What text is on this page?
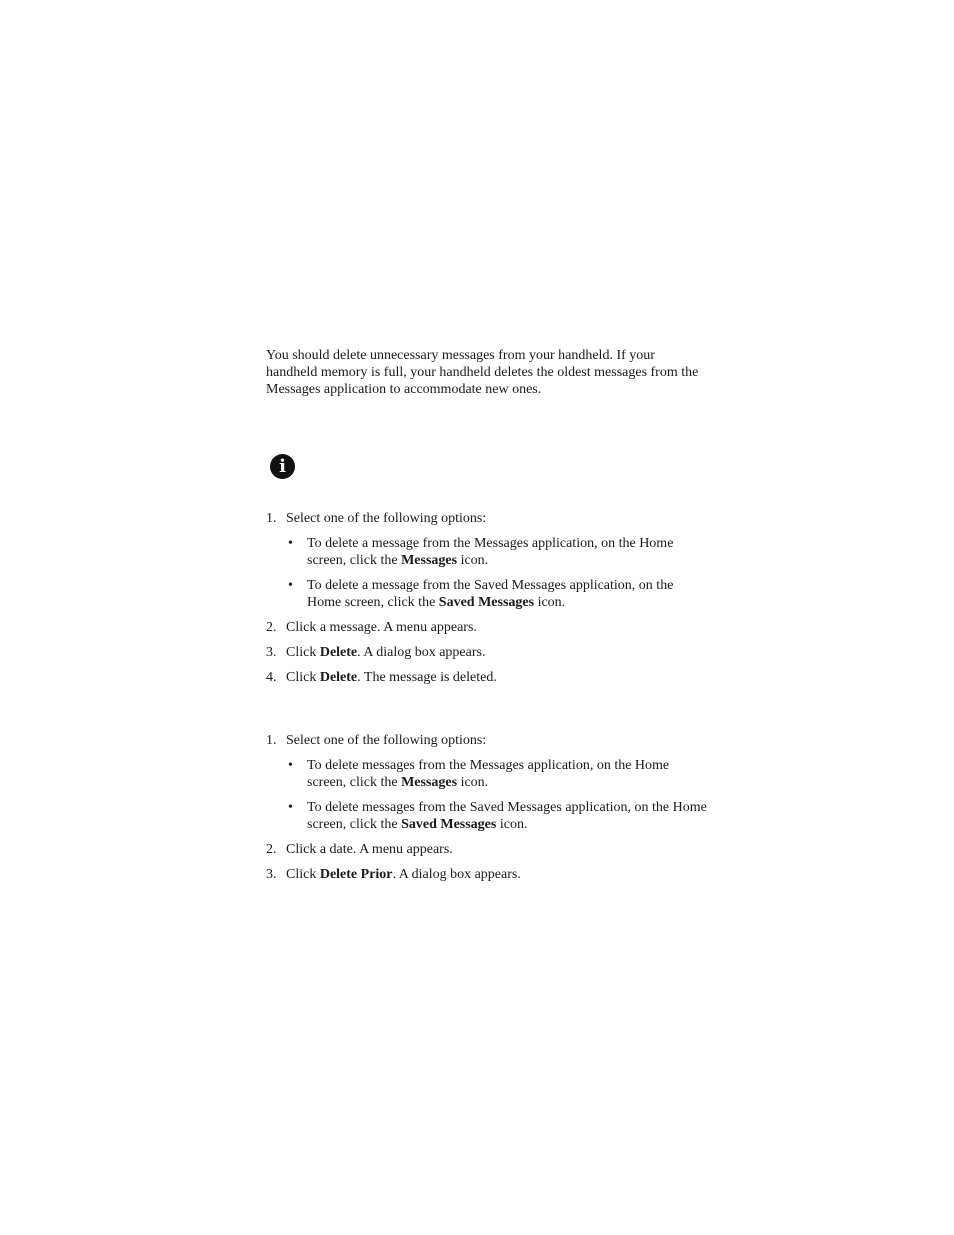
You should delete unnecessary messages from your handheld. If your handheld memory is full, your handheld deletes the oldest messages from the Messages application to accommodate new ones.

i
1. Select one of the following options:
• To delete a message from the Messages application, on the Home screen, click the Messages icon.
• To delete a message from the Saved Messages application, on the Home screen, click the Saved Messages icon.
2. Click a message. A menu appears.
3. Click Delete. A dialog box appears.
4. Click Delete. The message is deleted.
1. Select one of the following options:
• To delete messages from the Messages application, on the Home screen, click the Messages icon.
• To delete messages from the Saved Messages application, on the Home screen, click the Saved Messages icon.
2. Click a date. A menu appears.
3. Click Delete Prior. A dialog box appears.
